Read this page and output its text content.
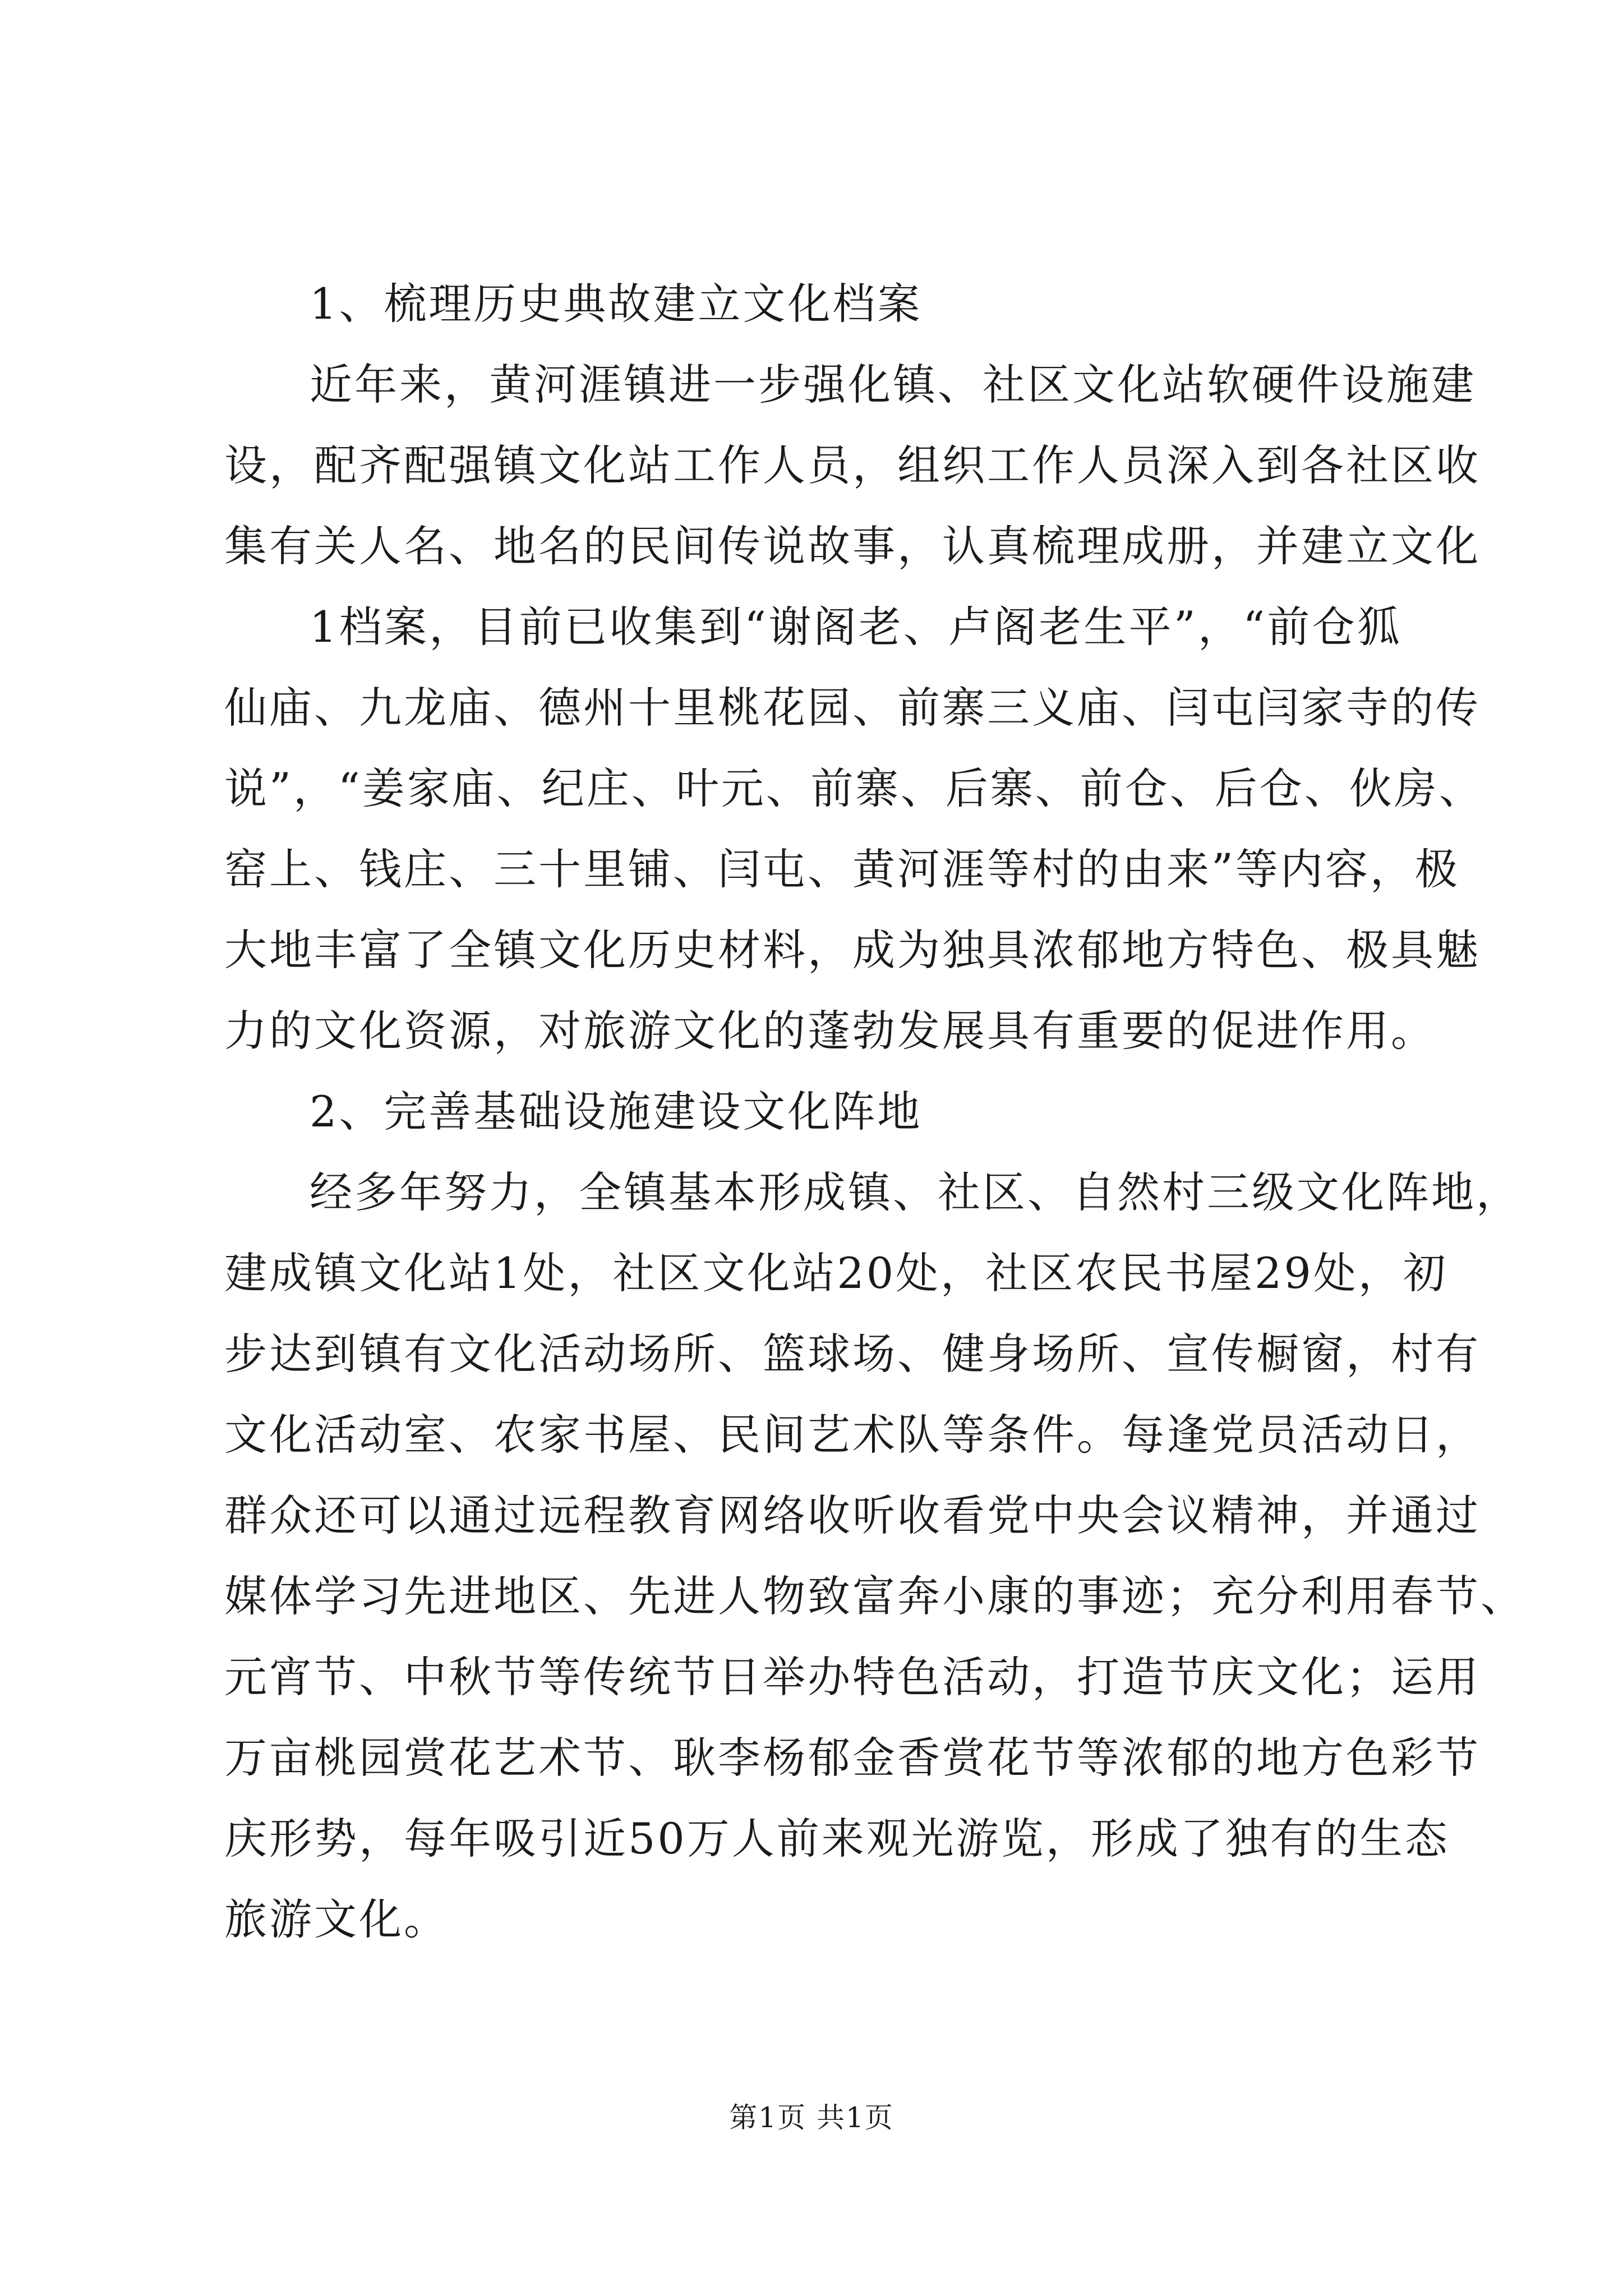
1、梳理历史典故建立文化档案
近年来，黄河涯镇进一步强化镇、社区文化站软硬件设施建
设，配齐配强镇文化站工作人员，组织工作人员深入到各社区收
集有关人名、地名的民间传说故事，认真梳理成册，并建立文化
1档案，目前已收集到“谢阁老、卢阁老生平”，“前仓狐
仙庙、九龙庙、德州十里桃花园、前寨三义庙、闫屯闫家寺的传
说”，“姜家庙、纪庄、叶元、前寨、后寨、前仓、后仓、伙房、
窑上、钱庄、三十里铺、闫屯、黄河涯等村的由来”等内容，极
大地丰富了全镇文化历史材料，成为独具浓郁地方特色、极具魅
力的文化资源，对旅游文化的蓬勃发展具有重要的促进作用。
2、完善基础设施建设文化阵地
经多年努力，全镇基本形成镇、社区、自然村三级文化阵地，
建成镇文化站1处，社区文化站20处，社区农民书屋29处，初
步达到镇有文化活动场所、篮球场、健身场所、宣传橱窗，村有
文化活动室、农家书屋、民间艺术队等条件。每逢党员活动日，
群众还可以通过远程教育网络收听收看党中央会议精神，并通过
媒体学习先进地区、先进人物致富奔小康的事迹；充分利用春节、
元宵节、中秋节等传统节日举办特色活动，打造节庆文化；运用
万亩桃园赏花艺术节、耿李杨郁金香赏花节等浓郁的地方色彩节
庆形势，每年吸引近50万人前来观光游览，形成了独有的生态
旅游文化。
第1页 共1页
